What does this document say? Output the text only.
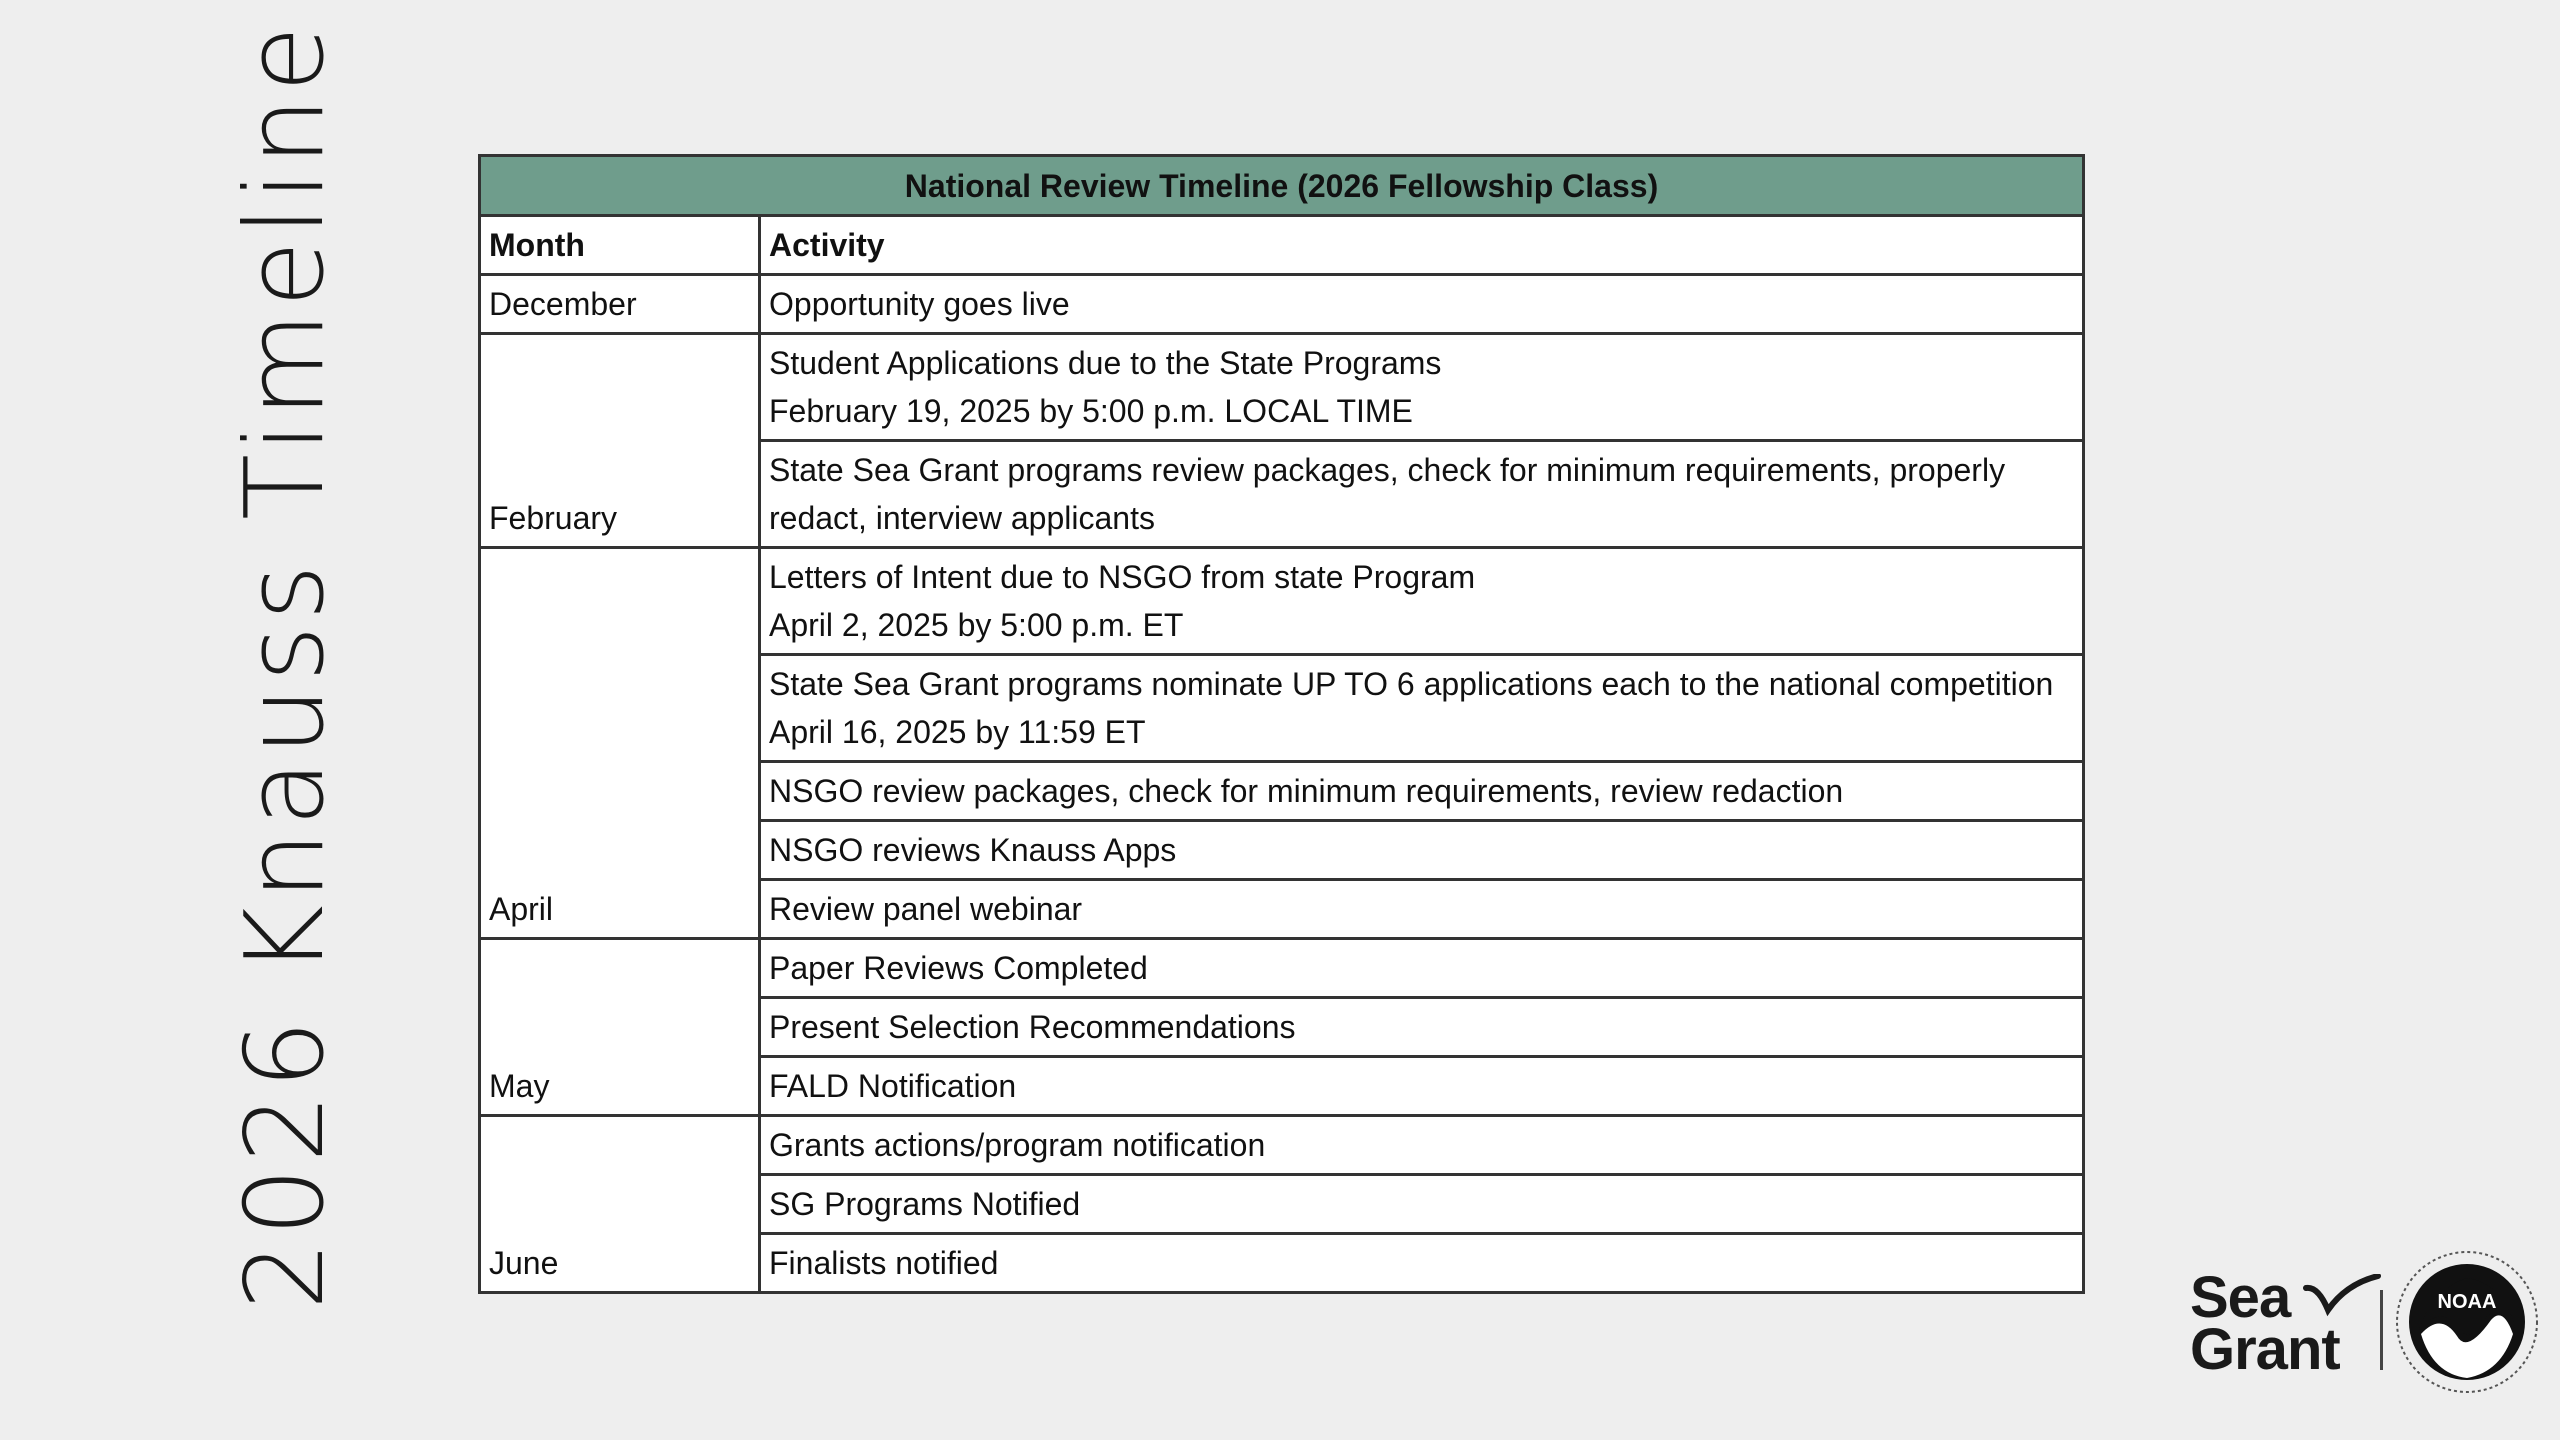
2026 Knauss Timeline	National Review Timeline (2026 Fellowship Class)	
Month	Activity
December	Opportunity goes live

February	Student Applications due to the State Programs
February 19, 2025 by 5:00 p.m. LOCAL TIME

	State Sea Grant programs review packages, check for minimum requirements, properly redact, interview applicants

April	Letters of Intent due to NSGO from state Program
April 2, 2025 by 5:00 p.m. ET

	State Sea Grant programs nominate UP TO 6 applications each to the national competition
April 16, 2025 by 11:59 ET

	NSGO review packages, check for minimum requirements, review redaction

	NSGO reviews Knauss Apps

	Review panel webinar

May	Paper Reviews Completed

	Present Selection Recommendations

	FALD Notification

June	Grants actions/program notification

	SG Programs Notified

	Finalists notified
Sea
Grant
NOAA
